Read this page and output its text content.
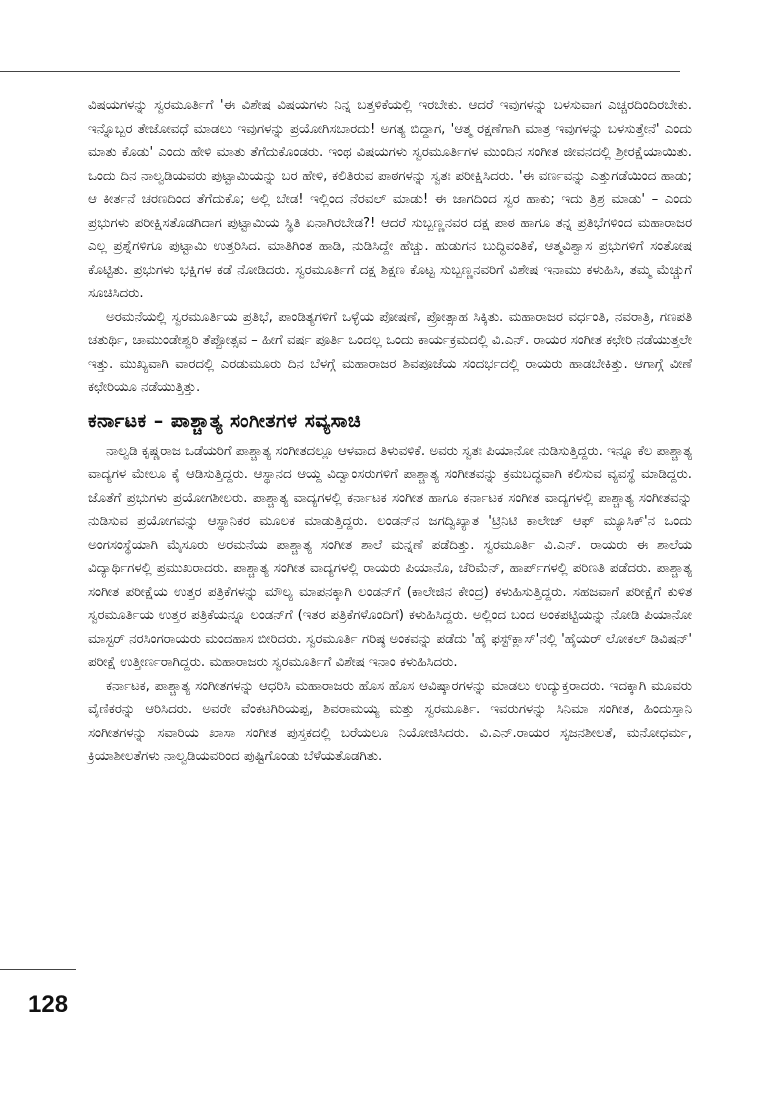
ವಿಷಯಗಳನ್ನು ಸ್ವರಮೂರ್ತಿಗೆ 'ಈ ವಿಶೇಷ ವಿಷಯಗಳು ನಿನ್ನ ಬತ್ತಳಿಕೆಯಲ್ಲಿ ಇರಬೇಕು. ಆದರೆ ಇವುಗಳನ್ನು ಬಳಸುವಾಗ ಎಚ್ಚರದಿಂದಿರಬೇಕು. ಇನ್ನೊಬ್ಬರ ತೇಜೋವಧೆ ಮಾಡಲು ಇವುಗಳನ್ನು ಪ್ರಯೋಗಿಸಬಾರದು! ಅಗತ್ಯ ಬಿದ್ದಾಗ, 'ಆತ್ಮ ರಕ್ಷಣೆಗಾಗಿ ಮಾತ್ರ ಇವುಗಳನ್ನು ಬಳಸುತ್ತೇನೆ' ಎಂದು ಮಾತು ಕೊಡು' ಎಂದು ಹೇಳಿ ಮಾತು ತೆಗೆದುಕೊಂಡರು. ಇಂಥ ವಿಷಯಗಳು ಸ್ವರಮೂರ್ತಿಗಳ ಮುಂದಿನ ಸಂಗೀತ ಜೀವನದಲ್ಲಿ ಶ್ರೀರಕ್ಷೆಯಾಯಿತು. ಒಂದು ದಿನ ನಾಲ್ವಡಿಯವರು ಪುಟ್ಟಾಮಿಯನ್ನು ಬರ ಹೇಳಿ, ಕಲಿತಿರುವ ಪಾಠಗಳನ್ನು ಸ್ವತಃ ಪರೀಕ್ಷಿಸಿದರು. 'ಈ ವರ್ಣವನ್ನು ಎತ್ತುಗಡೆಯಿಂದ ಹಾಡು; ಆ ಕೀರ್ತನೆ ಚರಣದಿಂದ ತೆಗೆದುಕೊ; ಅಲ್ಲಿ ಬೇಡ! ಇಲ್ಲಿಂದ ನೆರವಲ್ ಮಾಡು! ಈ ಜಾಗದಿಂದ ಸ್ವರ ಹಾಕು; ಇದು ತ್ರಿಶ್ರ ಮಾಡು' – ಎಂದು ಪ್ರಭುಗಳು ಪರೀಕ್ಷಿಸತೊಡಗಿದಾಗ ಪುಟ್ಟಾಮಿಯ ಸ್ಥಿತಿ ಏನಾಗಿರಬೇಡ?! ಆದರೆ ಸುಬ್ಬಣ್ಣನವರ ದಕ್ಷ ಪಾಠ ಹಾಗೂ ತನ್ನ ಪ್ರತಿಭೆಗಳಿಂದ ಮಹಾರಾಜರ ಎಲ್ಲ ಪ್ರಶ್ನೆಗಳಿಗೂ ಪುಟ್ಟಾಮಿ ಉತ್ತರಿಸಿದ. ಮಾತಿಗಿಂತ ಹಾಡಿ, ನುಡಿಸಿದ್ದೇ ಹೆಚ್ಚು. ಹುಡುಗನ ಬುದ್ಧಿವಂತಿಕೆ, ಆತ್ಮವಿಶ್ವಾಸ ಪ್ರಭುಗಳಿಗೆ ಸಂತೋಷ ಕೊಟ್ಟಿತು. ಪ್ರಭುಗಳು ಭಕ್ಷಿಗಳ ಕಡೆ ನೋಡಿದರು. ಸ್ವರಮೂರ್ತಿಗೆ ದಕ್ಷ ಶಿಕ್ಷಣ ಕೊಟ್ಟ ಸುಬ್ಬಣ್ಣನವರಿಗೆ ವಿಶೇಷ ಇನಾಮು ಕಳುಹಿಸಿ, ತಮ್ಮ ಮೆಚ್ಚುಗೆ ಸೂಚಿಸಿದರು.

ಅರಮನೆಯಲ್ಲಿ ಸ್ವರಮೂರ್ತಿಯ ಪ್ರತಿಭೆ, ಪಾಂಡಿತ್ಯಗಳಿಗೆ ಒಳ್ಳೆಯ ಪೋಷಣೆ, ಪ್ರೋತ್ಸಾಹ ಸಿಕ್ಕಿತು. ಮಹಾರಾಜರ ವರ್ಧಂತಿ, ನವರಾತ್ರಿ, ಗಣಪತಿ ಚತುರ್ಥಿ, ಚಾಮುಂಡೇಶ್ವರಿ ತೆಪ್ಪೋತ್ಸವ – ಹೀಗೆ ವರ್ಷ ಪೂರ್ತಿ ಒಂದಲ್ಲ ಒಂದು ಕಾರ್ಯಕ್ರಮದಲ್ಲಿ ವಿ.ಎನ್. ರಾಯರ ಸಂಗೀತ ಕಛೇರಿ ನಡೆಯುತ್ತಲೇ ಇತ್ತು. ಮುಖ್ಯವಾಗಿ ವಾರದಲ್ಲಿ ಎರಡುಮೂರು ದಿನ ಬೆಳಗ್ಗೆ ಮಹಾರಾಜರ ಶಿವಪೂಜೆಯ ಸಂದರ್ಭದಲ್ಲಿ ರಾಯರು ಹಾಡಬೇಕಿತ್ತು. ಆಗಾಗ್ಗೆ ವೀಣೆ ಕಛೇರಿಯೂ ನಡೆಯುತ್ತಿತ್ತು.

ಕರ್ನಾಟಕ – ಪಾಶ್ಚಾತ್ಯ ಸಂಗೀತಗಳ ಸವ್ಯಸಾಚಿ

ನಾಲ್ವಡಿ ಕೃಷ್ಣರಾಜ ಒಡೆಯರಿಗೆ ಪಾಶ್ಚಾತ್ಯ ಸಂಗೀತದಲ್ಲೂ ಆಳವಾದ ತಿಳುವಳಿಕೆ. ಅವರು ಸ್ವತಃ ಪಿಯಾನೋ ನುಡಿಸುತ್ತಿದ್ದರು. ಇನ್ನೂ ಕೆಲ ಪಾಶ್ಚಾತ್ಯ ವಾದ್ಯಗಳ ಮೇಲೂ ಕೈ ಆಡಿಸುತ್ತಿದ್ದರು. ಆಸ್ಥಾನದ ಆಯ್ದ ವಿದ್ವಾಂಸರುಗಳಿಗೆ ಪಾಶ್ಚಾತ್ಯ ಸಂಗೀತವನ್ನು ಕ್ರಮಬದ್ಧವಾಗಿ ಕಲಿಸುವ ವ್ಯವಸ್ಥೆ ಮಾಡಿದ್ದರು. ಜೊತೆಗೆ ಪ್ರಭುಗಳು ಪ್ರಯೋಗಶೀಲರು. ಪಾಶ್ಚಾತ್ಯ ವಾದ್ಯಗಳಲ್ಲಿ ಕರ್ನಾಟಕ ಸಂಗೀತ ಹಾಗೂ ಕರ್ನಾಟಕ ಸಂಗೀತ ವಾದ್ಯಗಳಲ್ಲಿ ಪಾಶ್ಚಾತ್ಯ ಸಂಗೀತವನ್ನು ನುಡಿಸುವ ಪ್ರಯೋಗವನ್ನು ಆಸ್ಥಾನಿಕರ ಮೂಲಕ ಮಾಡುತ್ತಿದ್ದರು. ಲಂಡನ್‌ನ ಜಗದ್ವಿಖ್ಯಾತ 'ಟ್ರಿನಿಟಿ ಕಾಲೇಜ್ ಆಫ್ ಮ್ಯೂಸಿಕ್'ನ ಒಂದು ಅಂಗಸಂಸ್ಥೆಯಾಗಿ ಮೈಸೂರು ಅರಮನೆಯ ಪಾಶ್ಚಾತ್ಯ ಸಂಗೀತ ಶಾಲೆ ಮನ್ನಣೆ ಪಡೆದಿತ್ತು. ಸ್ವರಮೂರ್ತಿ ವಿ.ಎನ್. ರಾಯರು ಈ ಶಾಲೆಯ ವಿದ್ಯಾರ್ಥಿಗಳಲ್ಲಿ ಪ್ರಮುಖರಾದರು. ಪಾಶ್ಚಾತ್ಯ ಸಂಗೀತ ವಾದ್ಯಗಳಲ್ಲಿ ರಾಯರು ಪಿಯಾನೊ, ಚೆರಿಮೆನ್, ಹಾರ್ಪ್‌ಗಳಲ್ಲಿ ಪರಿಣತಿ ಪಡೆದರು. ಪಾಶ್ಚಾತ್ಯ ಸಂಗೀತ ಪರೀಕ್ಷೆಯ ಉತ್ತರ ಪತ್ರಿಕೆಗಳನ್ನು ಮೌಲ್ಯ ಮಾಪನಕ್ಕಾಗಿ ಲಂಡನ್‌ಗೆ (ಕಾಲೇಜಿನ ಕೇಂದ್ರ) ಕಳುಹಿಸುತ್ತಿದ್ದರು. ಸಹಜವಾಗೆ ಪರೀಕ್ಷೆಗೆ ಕುಳಿತ ಸ್ವರಮೂರ್ತಿಯ ಉತ್ತರ ಪತ್ರಿಕೆಯನ್ನೂ ಲಂಡನ್‌ಗೆ (ಇತರ ಪತ್ರಿಕೆಗಳೊಂದಿಗೆ) ಕಳುಹಿಸಿದ್ದರು. ಅಲ್ಲಿಂದ ಬಂದ ಅಂಕಪಟ್ಟಿಯನ್ನು ನೋಡಿ ಪಿಯಾನೋ ಮಾಸ್ಟರ್ ನರಸಿಂಗರಾಯರು ಮಂದಹಾಸ ಬೀರಿದರು. ಸ್ವರಮೂರ್ತಿ ಗರಿಷ್ಠ ಅಂಕವನ್ನು ಪಡೆದು 'ಹೈ ಫಸ್ಟ್‌ಕ್ಲಾಸ್'ನಲ್ಲಿ 'ಹೈಯರ್ ಲೋಕಲ್ ಡಿವಿಷನ್' ಪರೀಕ್ಷೆ ಉತ್ತೀರ್ಣರಾಗಿದ್ದರು. ಮಹಾರಾಜರು ಸ್ವರಮೂರ್ತಿಗೆ ವಿಶೇಷ ಇನಾಂ ಕಳುಹಿಸಿದರು.

ಕರ್ನಾಟಕ, ಪಾಶ್ಚಾತ್ಯ ಸಂಗೀತಗಳನ್ನು ಆಧರಿಸಿ ಮಹಾರಾಜರು ಹೊಸ ಹೊಸ ಆವಿಷ್ಕಾರಗಳನ್ನು ಮಾಡಲು ಉದ್ಯುಕ್ತರಾದರು. ಇದಕ್ಕಾಗಿ ಮೂವರು ವೈಣಿಕರನ್ನು ಆರಿಸಿದರು. ಅವರೇ ವೆಂಕಟಗಿರಿಯಪ್ಪ, ಶಿವರಾಮಯ್ಯ ಮತ್ತು ಸ್ವರಮೂರ್ತಿ. ಇವರುಗಳನ್ನು ಸಿನಿಮಾ ಸಂಗೀತ, ಹಿಂದುಸ್ತಾನಿ ಸಂಗೀತಗಳನ್ನು ಸವಾರಿಯ ಖಾಸಾ ಸಂಗೀತ ಪುಸ್ತಕದಲ್ಲಿ ಬರೆಯಲೂ ನಿಯೋಜಿಸಿದರು. ವಿ.ಎನ್.ರಾಯರ ಸೃಜನಶೀಲತೆ, ಮನೋಧರ್ಮ, ಕ್ರಿಯಾಶೀಲತೆಗಳು ನಾಲ್ವಡಿಯವರಿಂದ ಪುಷ್ಟಿಗೊಂಡು ಬೆಳೆಯತೊಡಗಿತು.

128
